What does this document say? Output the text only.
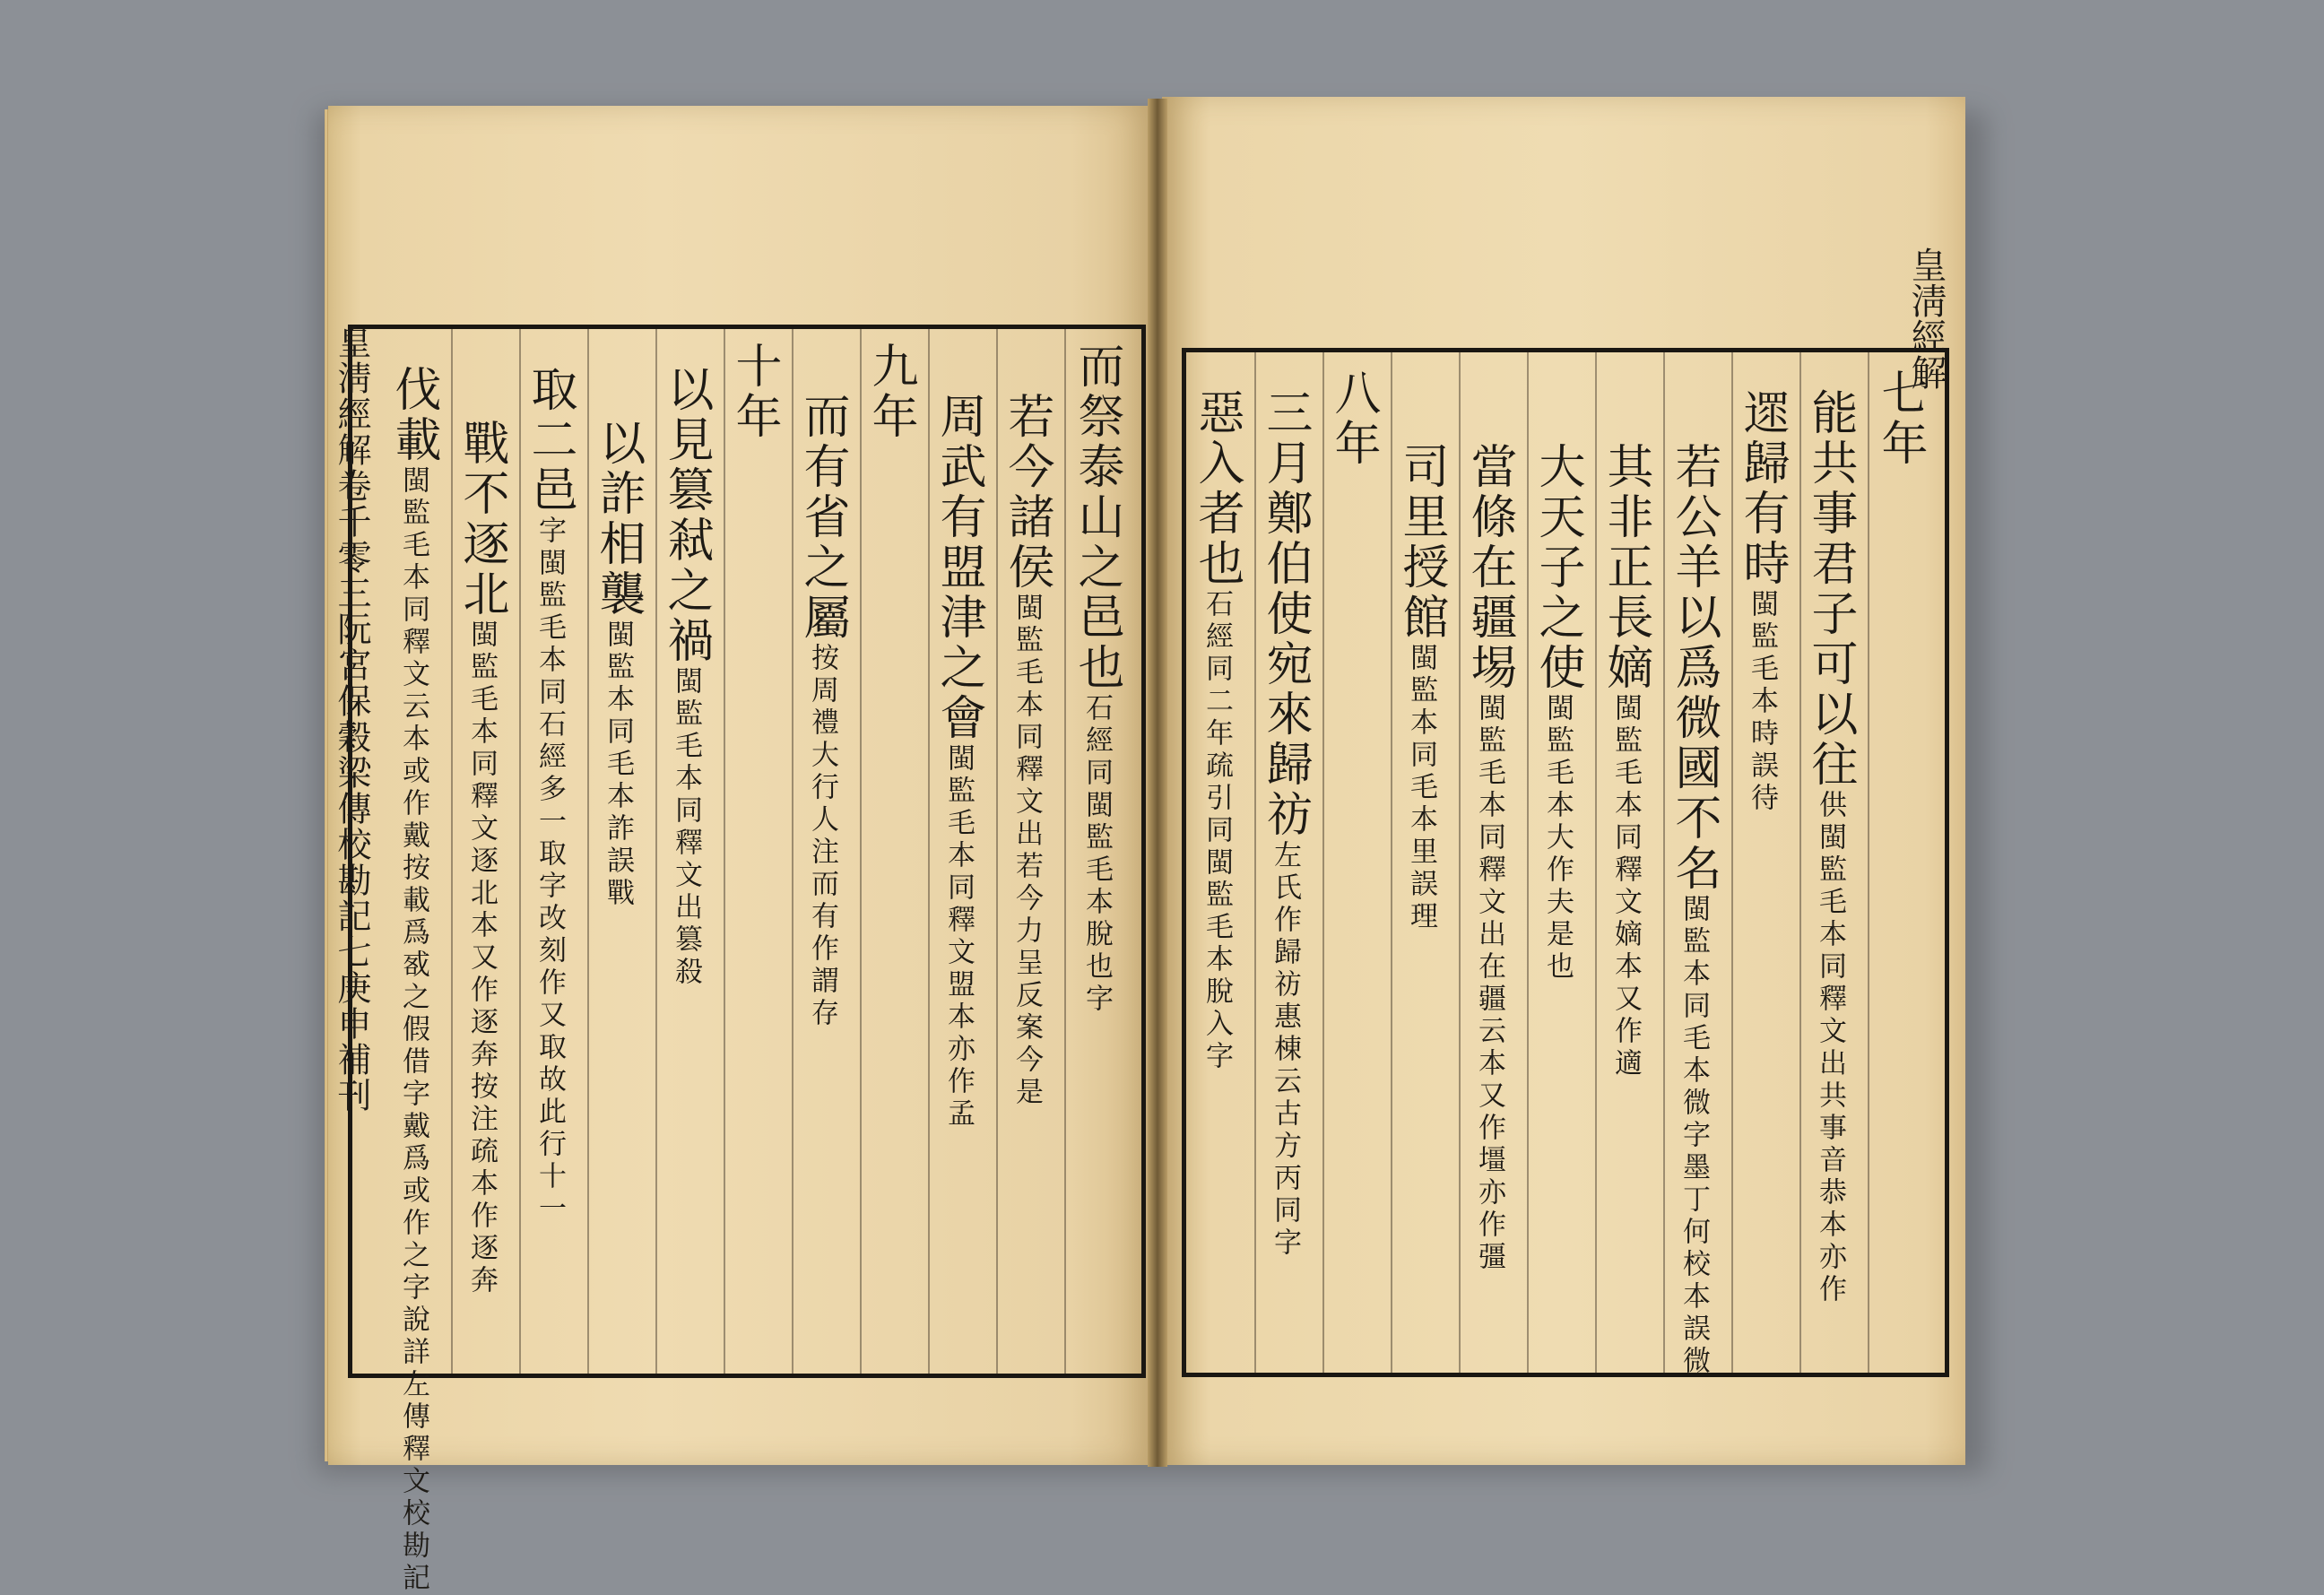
皇淸經解
七年
能共事君子可以往供閩監毛本同釋文出共事音恭本亦作
遝歸有時閩監毛本時誤待
若公羊以爲微國不名閩監本同毛本微字墨丁何校本誤微
其非正長嫡閩監毛本同釋文嫡本又作適
大天子之使閩監毛本大作夫是也
當條在疆埸閩監毛本同釋文出在疆云本又作壃亦作彊
司里授館閩監本同毛本里誤理
八年
三月鄭伯使宛來歸祊左氏作歸祊惠棟云古方丙同字
惡入者也石經同二年疏引同閩監毛本脫入字
而祭泰山之邑也石經同閩監毛本脫也字
若今諸侯閩監毛本同釋文出若今力呈反案今是
周武有盟津之會閩監毛本同釋文盟本亦作孟
九年
而有省之屬按周禮大行人注而有作謂存
十年
以見篡弒之禍閩監毛本同釋文出篡殺
以詐相襲閩監本同毛本詐誤戰
取二邑字閩監毛本同石經多一取字改刻作又取故此行十一
戰不逐北閩監毛本同釋文逐北本又作逐奔按注疏本作逐奔
伐載閩監毛本同釋文云本或作戴按載爲㦴之假借字戴爲或作之字說詳左傳釋文校勘記
皇淸經解卷千零三阮宮保穀梁傳校勘記七庚申補刊
